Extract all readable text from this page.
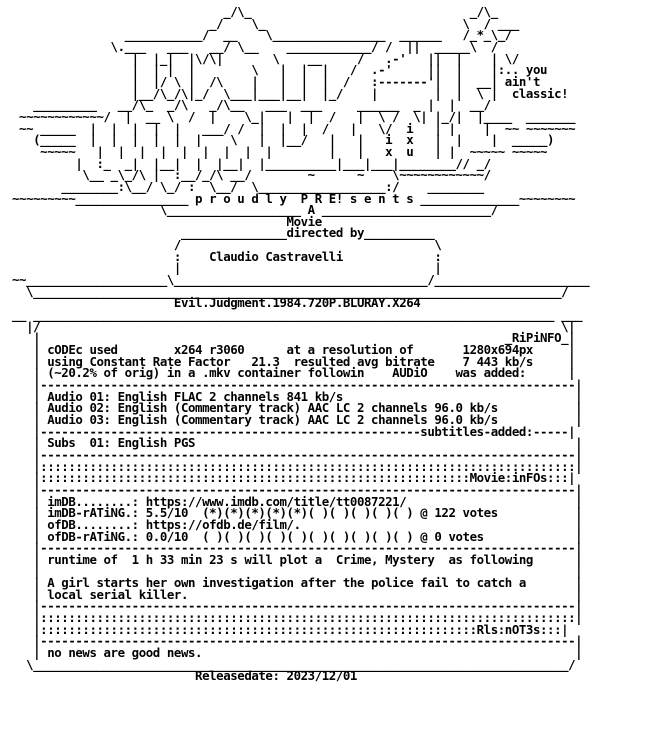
_/\_                               _/\_
_/    \_                            \  / ___
___________/  __    \________________  ______   /_*_\_/
\.___   ___   __/ \__    ____________/ /  ||  _____\  /
|  |_|  |\/\|       \    __     /   .-'   ||  |    | \/
|  | |  |        \   |  |  |   /  .-'     ||  |    |:.. you
|  |/ \ |  /\    |   |  |  |  /   :-------'|  |  __| ain't
|__/\_/\|_/  \___|___|__|  |_/    |        |  |  \ |  classic!
_________   __/\_  _/\   _/\__   ___  ___     ______  _ |  |  __/
~~~~~~~~~~~~/  |  __ \  /  |    \_|   |  |  /   |  \ /  \| |_/|  |____  _______
~~ _____  |  |  |  |  |   ___/ /  |  |  |  /   |   \/  i   | |    |  ~~ ~~~~~~~
(_____  |  |  |  |  |  |    \   |  |__/   |   |   i  x   |  |    |  _____)
~~~~~   |  |  |  |  |  |  |  |  |        |   |   x  u   | |  ~~~~~ ~~~~~
|  :_  _|  |__|  |  |__|  |__________|___|___|________// _/
\__ _\_/\ |  :__/_/\ __/        ~      ~    \~~~~~~~~~~~~/
________:\__/ \_/ :  \__/  \__________________:/    ________
~~~~~~~~~________________ p r o u d l y  P R E! s e n t s ______________~~~~~~~~
\___________________ A ________________________/
Movie
_______________directed by__________
/                                    \
:    Claudio Castravelli             :
|                                    |
~~____________________\____________________________________/______________________
\___________________________________________________________________________/
Evil.Judgment.1984.720P.BLURAY.X264
__ __________________________________________________________________________ ___
|/                                                                          \|
|                                                                  _RiPiNFO_|
| cODEc used        x264 r3060      at a resolution of       1280x694px     |
| using Constant Rate Factor   21.3  resulted avg bitrate    7 443 kb/s     |
| (~20.2% of orig) in a .mkv container followin    AUDiO    was added:      |
|----------------------------------------------------------------------------|
| Audio 01: English FLAC 2 channels 841 kb/s                                 |
| Audio 02: English (Commentary track) AAC LC 2 channels 96.0 kb/s           |
| Audio 03: English (Commentary track) AAC LC 2 channels 96.0 kb/s           |
|------------------------------------------------------subtitles-added:-----|
| Subs  01: English PGS                                                      |
|----------------------------------------------------------------------------|
|::::::::::::::::::::::::::::::::::::::::::::::::::::::::::::::::::::::::::::|
|:::::::::::::::::::::::::::::::::::::::::::::::::::::::::::::Movie:inFOs:::|
|----------------------------------------------------------------------------|
| imDB........: https://www.imdb.com/title/tt0087221/                        |
| imDB-rATiNG.: 5.5/10  (*)(*)(*)(*)(*)( )( )( )( )( ) @ 122 votes           |
| ofDB........: https://ofdb.de/film/.                                       |
| ofDB-rATiNG.: 0.0/10  ( )( )( )( )( )( )( )( )( )( ) @ 0 votes             |
|----------------------------------------------------------------------------|
| runtime of  1 h 33 min 23 s will plot a  Crime, Mystery  as following      |
|                                                                            |
| A girl starts her own investigation after the police fail to catch a       |
| local serial killer.                                                       |
|----------------------------------------------------------------------------|
|::::::::::::::::::::::::::::::::::::::::::::::::::::::::::::::::::::::::::::|
|::::::::::::::::::::::::::::::::::::::::::::::::::::::::::::::Rls:nOT3s:::|
|----------------------------------------------------------------------------|
| no news are good news.                                                     |
\____________________________________________________________________________/
Releasedate: 2023/12/01
